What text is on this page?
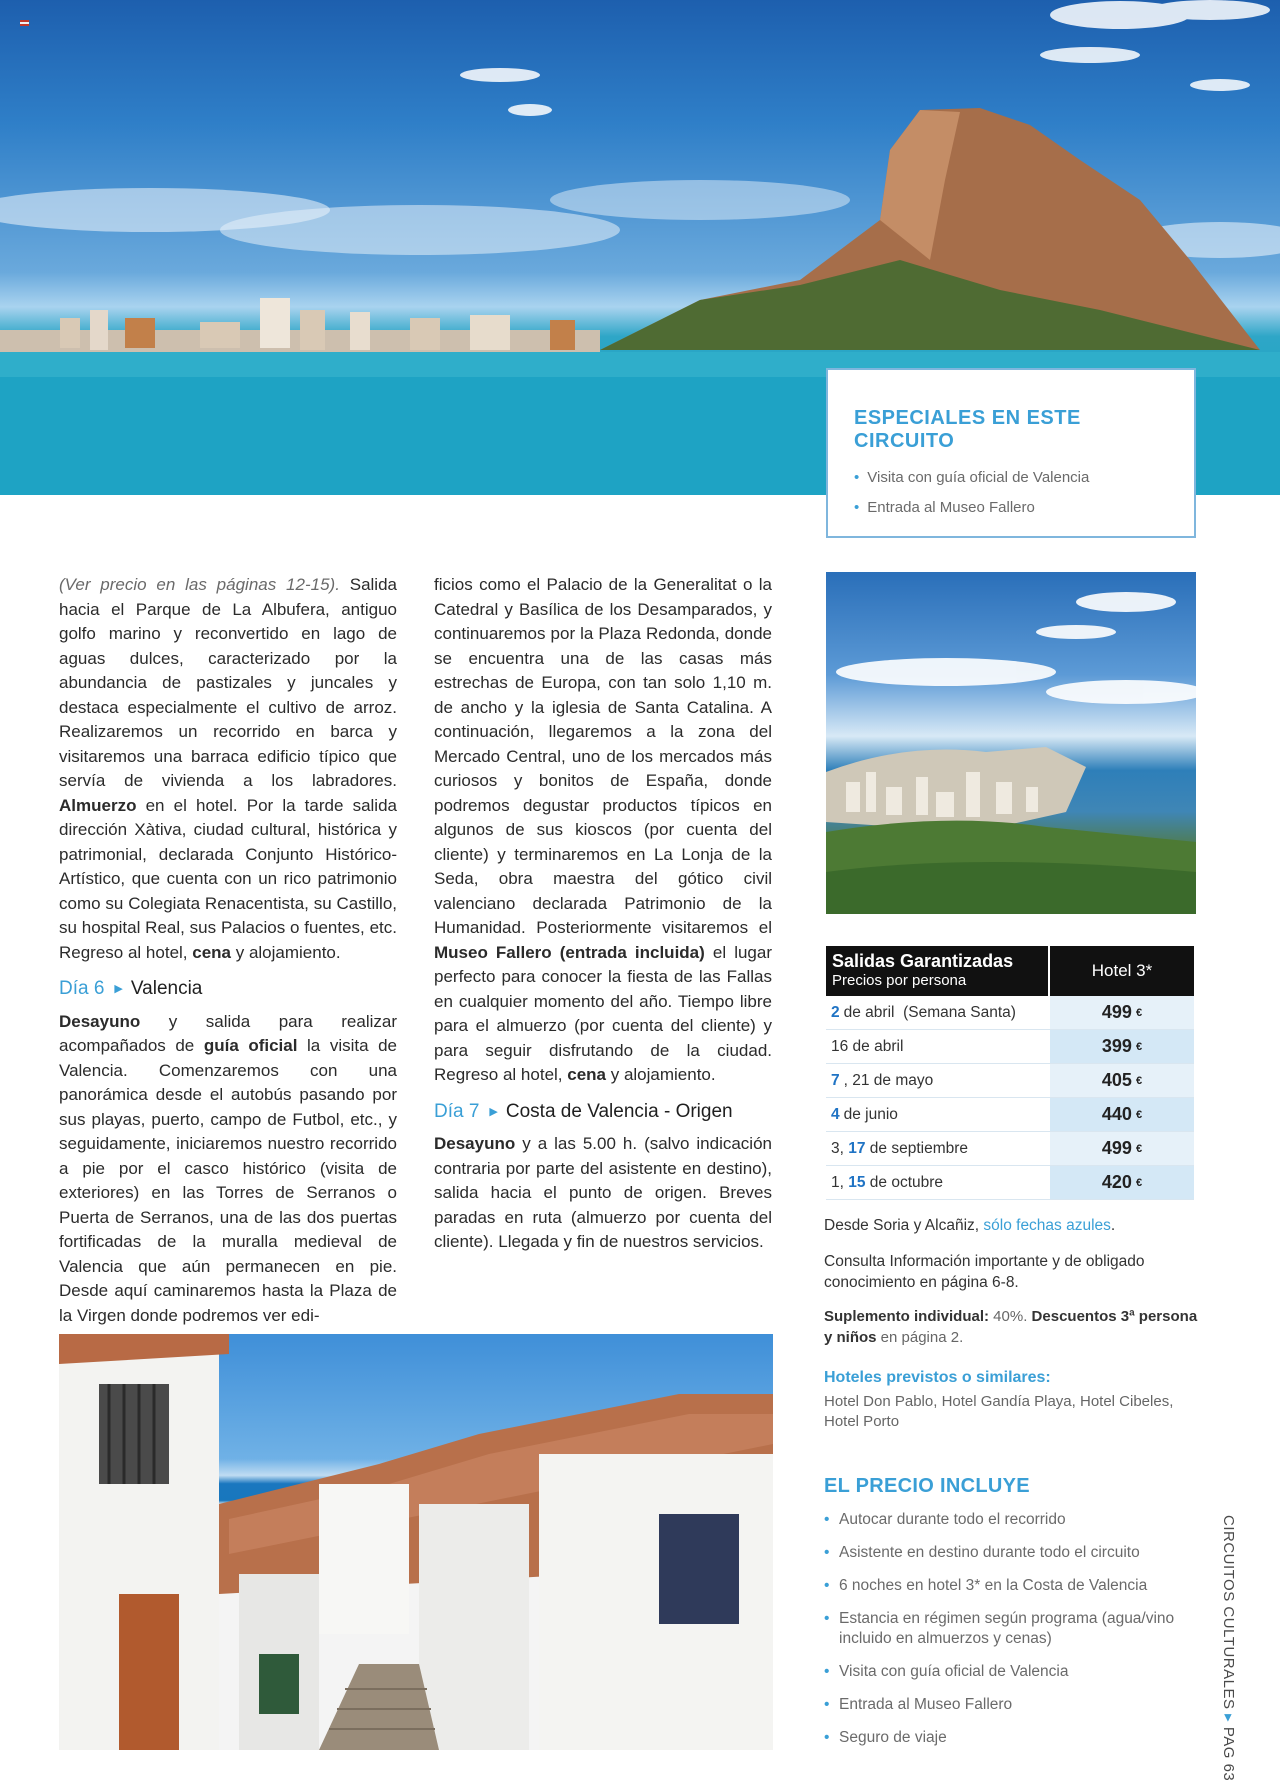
ESPECIALES EN ESTE CIRCUITO
• Visita con guía oficial de Valencia
• Entrada al Museo Fallero

(Ver precio en las páginas 12-15). Salida hacia el Parque de La Albufera, antiguo golfo marino y reconvertido en lago de aguas dulces, caracterizado por la abundancia de pastizales y juncales y destaca especialmente el cultivo de arroz. Realizaremos un recorrido en barca y visitaremos una barraca edificio típico que servía de vivienda a los labradores. Almuerzo en el hotel. Por la tarde salida dirección Xàtiva, ciudad cultural, histórica y patrimonial, declarada Conjunto Histórico-Artístico, que cuenta con un rico patrimonio como su Colegiata Renacentista, su Castillo, su hospital Real, sus Palacios o fuentes, etc. Regreso al hotel, cena y alojamiento.

Día 6 ▶ Valencia

Desayuno y salida para realizar acompañados de guía oficial la visita de Valencia. Comenzaremos con una panorámica desde el autobús pasando por sus playas, puerto, campo de Futbol, etc., y seguidamente, iniciaremos nuestro recorrido a pie por el casco histórico (visita de exteriores) en las Torres de Serranos o Puerta de Serranos, una de las dos puertas fortificadas de la muralla medieval de Valencia que aún permanecen en pie. Desde aquí caminaremos hasta la Plaza de la Virgen donde podremos ver edi-

ficios como el Palacio de la Generalitat o la Catedral y Basílica de los Desamparados, y continuaremos por la Plaza Redonda, donde se encuentra una de las casas más estrechas de Europa, con tan solo 1,10 m. de ancho y la iglesia de Santa Catalina. A continuación, llegaremos a la zona del Mercado Central, uno de los mercados más curiosos y bonitos de España, donde podremos degustar productos típicos en algunos de sus kioscos (por cuenta del cliente) y terminaremos en La Lonja de la Seda, obra maestra del gótico civil valenciano declarada Patrimonio de la Humanidad. Posteriormente visitaremos el Museo Fallero (entrada incluida) el lugar perfecto para conocer la fiesta de las Fallas en cualquier momento del año. Tiempo libre para el almuerzo (por cuenta del cliente) y para seguir disfrutando de la ciudad. Regreso al hotel, cena y alojamiento.

Día 7 ▶ Costa de Valencia - Origen

Desayuno y a las 5.00 h. (salvo indicación contraria por parte del asistente en destino), salida hacia el punto de origen. Breves paradas en ruta (almuerzo por cuenta del cliente). Llegada y fin de nuestros servicios.

Salidas Garantizadas
Precios por persona
Hotel 3*
2 de abril  (Semana Santa)	499 €
16 de abril	399 €
7 , 21 de mayo	405 €
4 de junio	440 €
3, 17 de septiembre	499 €
1, 15 de octubre	420 €
Desde Soria y Alcañiz, sólo fechas azules.
Consulta Información importante y de obligado conocimiento en página 6-8.
Suplemento individual: 40%. Descuentos 3ª persona y niños en página 2.
Hoteles previstos o similares:
Hotel Don Pablo, Hotel Gandía Playa, Hotel Cibeles, Hotel Porto
EL PRECIO INCLUYE
• Autocar durante todo el recorrido
• Asistente en destino durante todo el circuito
• 6 noches en hotel 3* en la Costa de Valencia
• Estancia en régimen según programa (agua/vino incluido en almuerzos y cenas)
• Visita con guía oficial de Valencia
• Entrada al Museo Fallero
• Seguro de viaje
CIRCUITOS CULTURALES ▸ PAG 63
